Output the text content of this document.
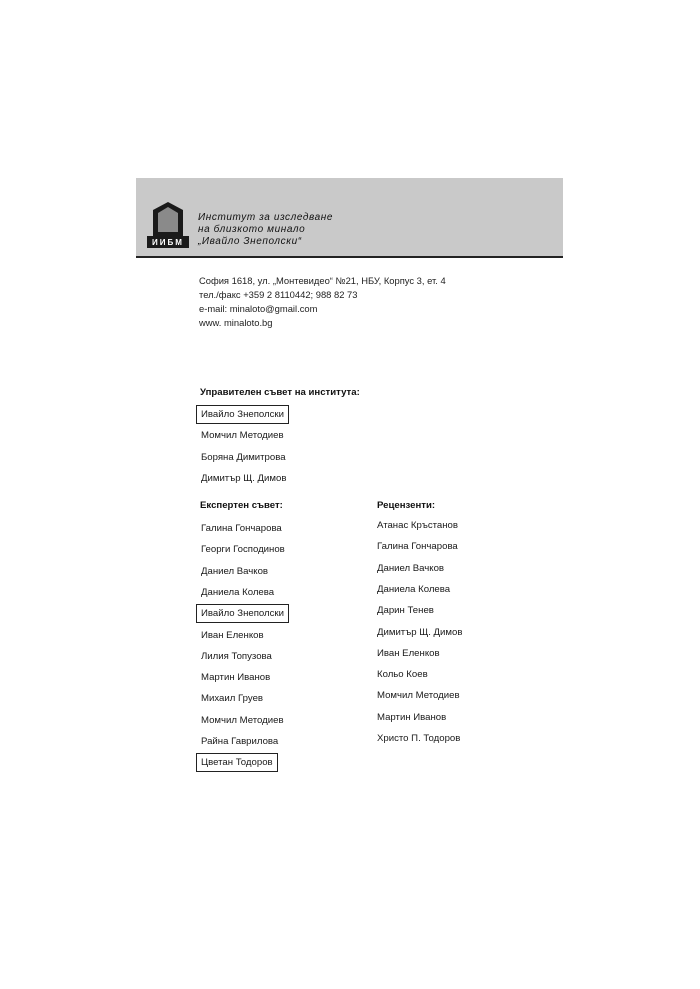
ИИБМ
Институт за изследване
на близкото минало
„Ивайло Знеполски“
София 1618, ул. „Монтевидео“ №21, НБУ, Корпус 3, ет. 4
тел./факс +359 2 8110442; 988 82 73
e-mail: minaloto@gmail.com
www. minaloto.bg
Управителен съвет на института:
Ивайло Знеполски
Момчил Методиев
Боряна Димитрова
Димитър Щ. Димов
Експертен съвет:
Галина Гончарова
Георги Господинов
Даниел Вачков
Даниела Колева
Ивайло Знеполски
Иван Еленков
Лилия Топузова
Мартин Иванов
Михаил Груев
Момчил Методиев
Райна Гаврилова
Цветан Тодоров
Рецензенти:
Атанас Кръстанов
Галина Гончарова
Даниел Вачков
Даниела Колева
Дарин Тенев
Димитър Щ. Димов
Иван Еленков
Кольо Коев
Момчил Методиев
Мартин Иванов
Христо П. Тодоров
